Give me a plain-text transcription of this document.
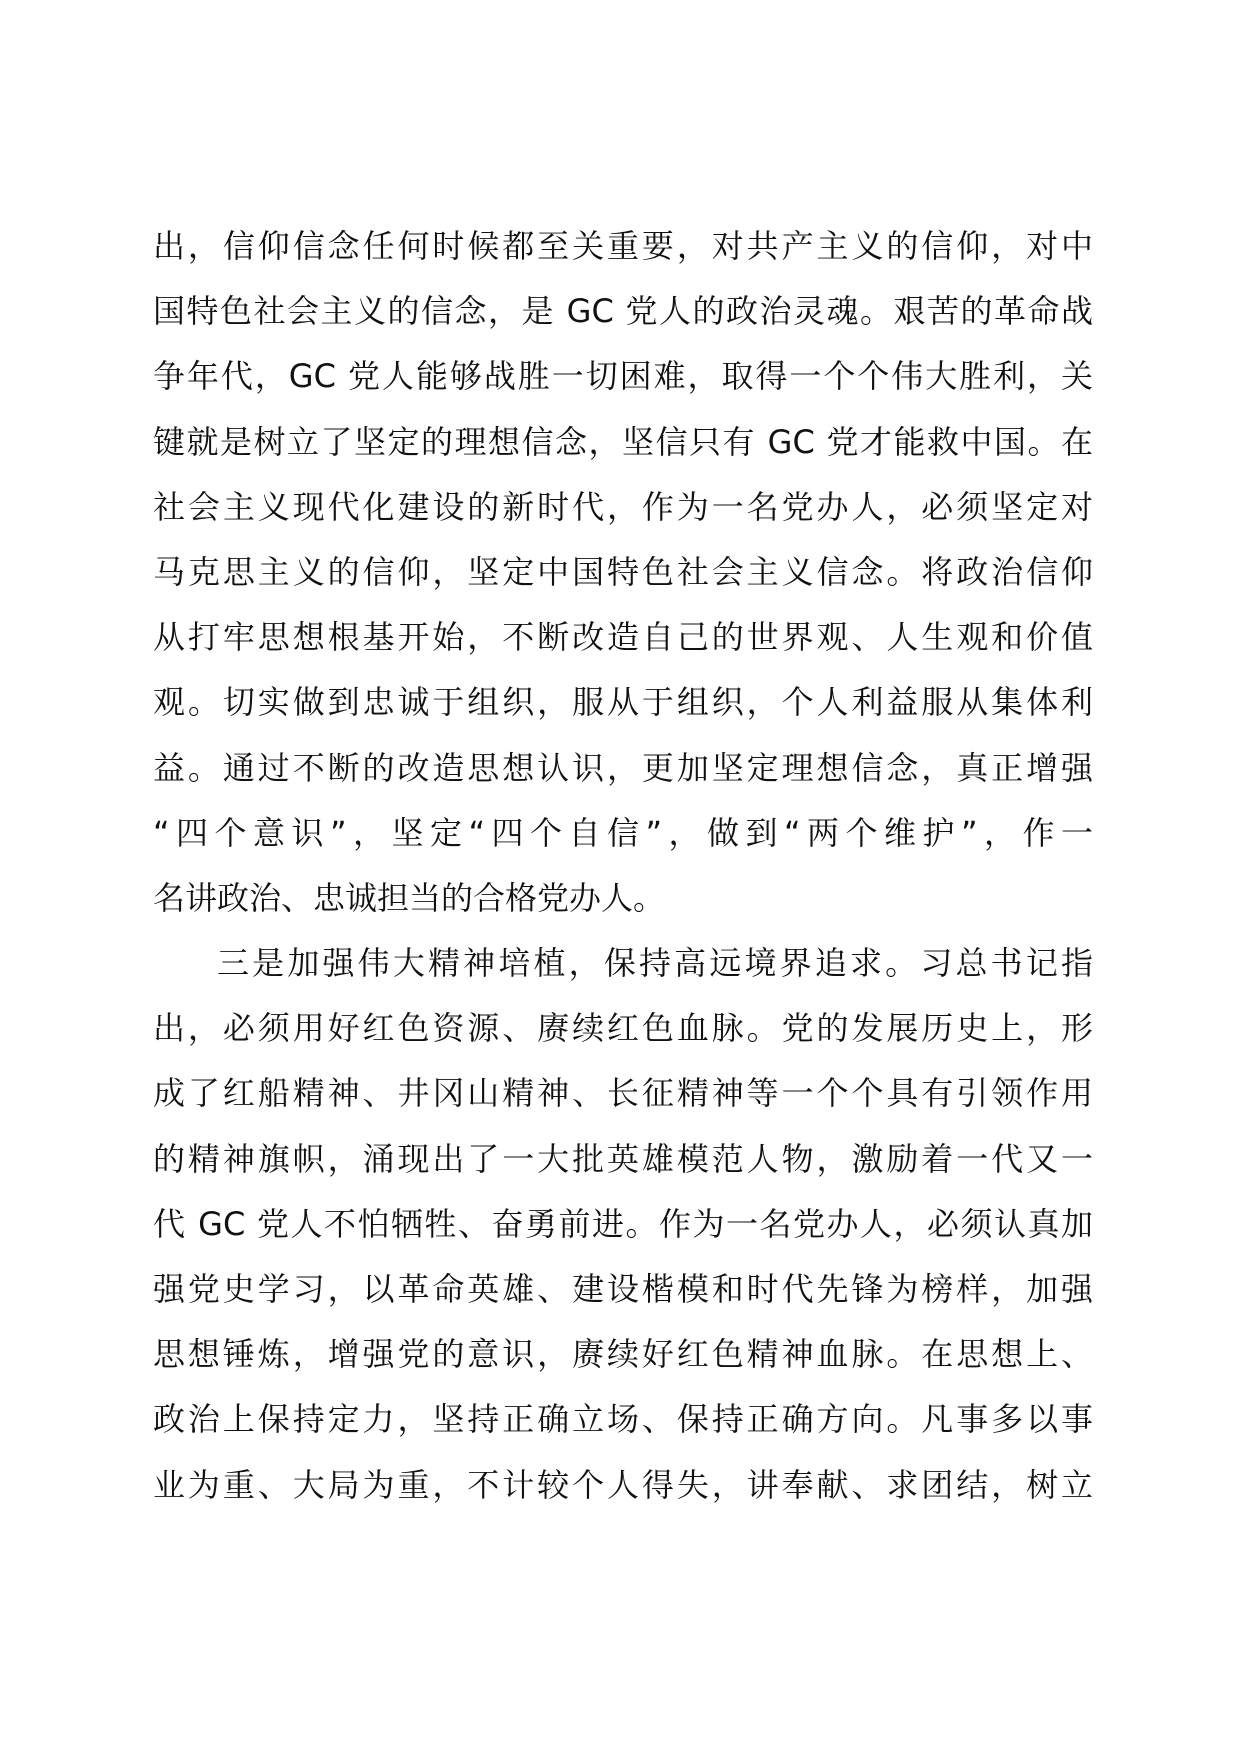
出，信仰信念任何时候都至关重要，对共产主义的信仰，对中
国特色社会主义的信念，是 GC 党人的政治灵魂。艰苦的革命战
争年代，GC 党人能够战胜一切困难，取得一个个伟大胜利，关
键就是树立了坚定的理想信念，坚信只有 GC 党才能救中国。在
社会主义现代化建设的新时代，作为一名党办人，必须坚定对
马克思主义的信仰，坚定中国特色社会主义信念。将政治信仰
从打牢思想根基开始，不断改造自己的世界观、人生观和价值
观。切实做到忠诚于组织，服从于组织，个人利益服从集体利
益。通过不断的改造思想认识，更加坚定理想信念，真正增强
“四个意识”，坚定“四个自信”，做到“两个维护”，作一
名讲政治、忠诚担当的合格党办人。
三是加强伟大精神培植，保持高远境界追求。习总书记指
出，必须用好红色资源、赓续红色血脉。党的发展历史上，形
成了红船精神、井冈山精神、长征精神等一个个具有引领作用
的精神旗帜，涌现出了一大批英雄模范人物，激励着一代又一
代 GC 党人不怕牺牲、奋勇前进。作为一名党办人，必须认真加
强党史学习，以革命英雄、建设楷模和时代先锋为榜样，加强
思想锤炼，增强党的意识，赓续好红色精神血脉。在思想上、
政治上保持定力，坚持正确立场、保持正确方向。凡事多以事
业为重、大局为重，不计较个人得失，讲奉献、求团结，树立
